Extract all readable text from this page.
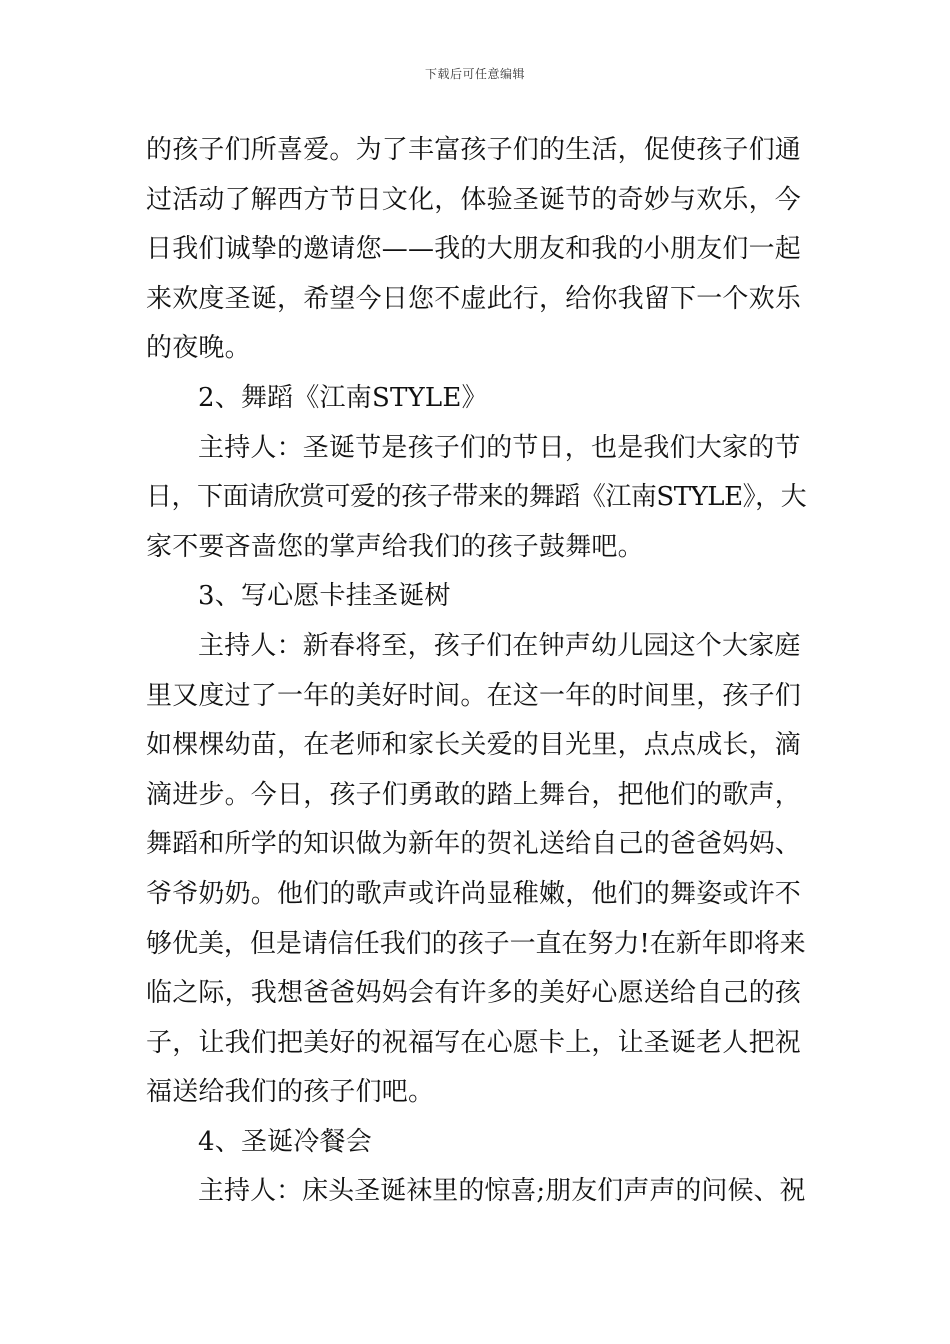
下载后可任意编辑
的孩子们所喜爱。为了丰富孩子们的生活，促使孩子们通
过活动了解西方节日文化，体验圣诞节的奇妙与欢乐，今
日我们诚挚的邀请您——我的大朋友和我的小朋友们一起
来欢度圣诞，希望今日您不虚此行，给你我留下一个欢乐
的夜晚。
2、舞蹈《江南STYLE》
主持人：圣诞节是孩子们的节日，也是我们大家的节
日，下面请欣赏可爱的孩子带来的舞蹈《江南STYLE》，大
家不要吝啬您的掌声给我们的孩子鼓舞吧。
3、写心愿卡挂圣诞树
主持人：新春将至，孩子们在钟声幼儿园这个大家庭
里又度过了一年的美好时间。在这一年的时间里，孩子们
如棵棵幼苗，在老师和家长关爱的目光里，点点成长，滴
滴进步。今日，孩子们勇敢的踏上舞台，把他们的歌声，
舞蹈和所学的知识做为新年的贺礼送给自己的爸爸妈妈、
爷爷奶奶。他们的歌声或许尚显稚嫩，他们的舞姿或许不
够优美，但是请信任我们的孩子一直在努力!在新年即将来
临之际，我想爸爸妈妈会有许多的美好心愿送给自己的孩
子，让我们把美好的祝福写在心愿卡上，让圣诞老人把祝
福送给我们的孩子们吧。
4、圣诞冷餐会
主持人：床头圣诞袜里的惊喜;朋友们声声的问候、祝
